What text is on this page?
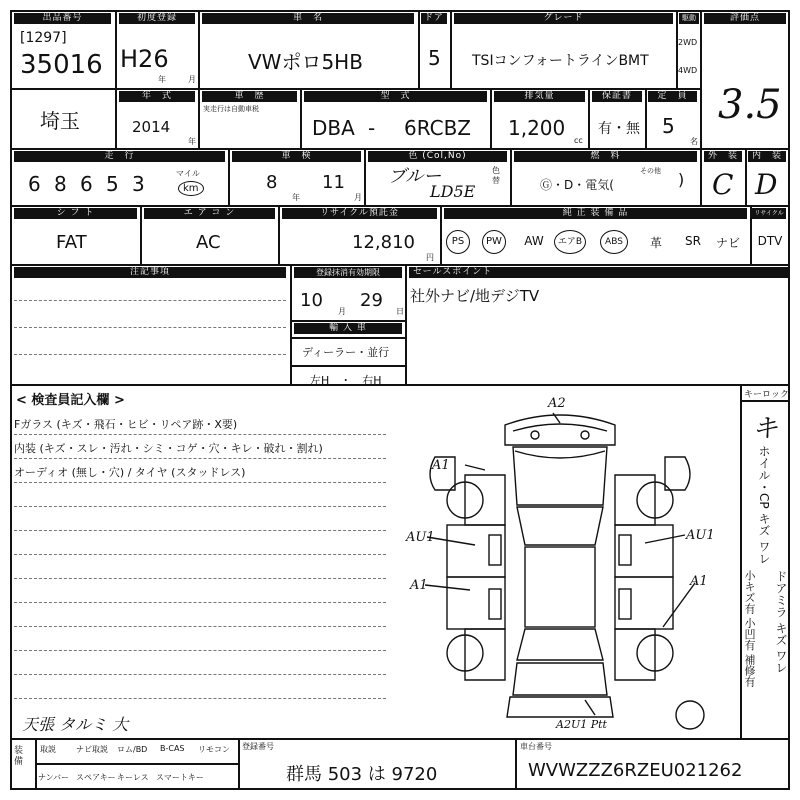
出品番号
[1297]
35016
初度登録
H26
年	月
車　名
VWポロ5HB
ドア
5
グレード
TSIコンフォートラインBMT
駆動
2WD
4WD
評価点
3.5
埼玉
年　式
2014
年
車　歴
実走行は自動車税
型　式
DBA - 6RCBZ
排気量
1,200
cc
保証書
有・無
定　員
5
名
走　行
6 8 6 5 3	マイル
km
車　検
8
年
11
月
色 (Col,No)
ブルー
LD5E
色替
燃　料
Ⓖ・D・電気(
その他 )
外　装
C
内　装
D
シ フ ト
FAT
エ ア コ ン
AC
リサイクル預託金
12,810
円
純 正 装 備 品	リサイクル料金
PS	PW	AW	エアB	ABS	革	SR	ナビ	DTV
注記事項	登録抹消有効期限
10
月
29
日
輸 入 車
ディーラー・並行
左H　・　右H
セールスポイント
社外ナビ/地デジTV
< 検査員記入欄 >
Fガラス (キズ・飛石・ヒビ・リペア跡・X要)
内装 (キズ・スレ・汚れ・シミ・コゲ・穴・キレ・破れ・割れ)
オーディオ (無し・穴) / タイヤ (スタッドレス)
天張 タルミ 大
A2
A1
AU1	AU1
A1	A1
A2U1 Ptt
キーロック
キ
ホイル・CP キズ ワレ
ドアミラ キズ ワレ
小キズ有 小凹有 補修有
装備
取説	ナビ取説 ロム/BD B-CAS リモコン
ナンバー スペアキー キーレス スマートキー
登録番号
群馬 503 は 9720
車台番号
WVWZZZ6RZEU021262
